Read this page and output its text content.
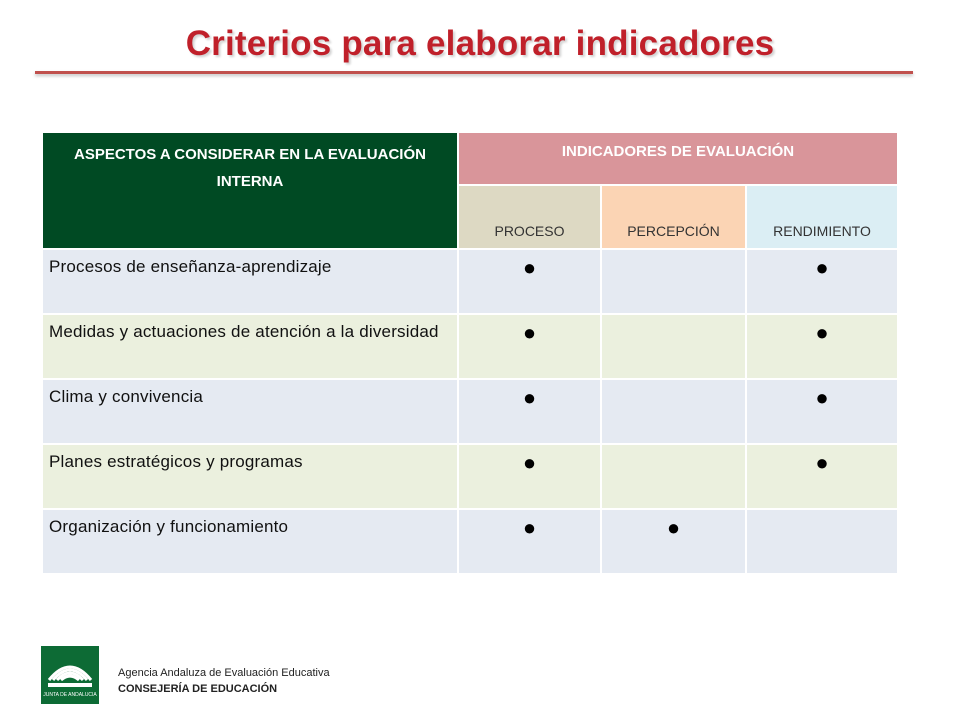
Criterios para elaborar indicadores
ASPECTOS A CONSIDERAR EN LA EVALUACIÓN INTERNA	INDICADORES DE EVALUACIÓN		

	PROCESO	PERCEPCIÓN	RENDIMIENTO

Procesos de enseñanza-aprendizaje	●		●
Medidas y actuaciones de atención a la diversidad	●		●
Clima y convivencia	●		●
Planes estratégicos y programas	●		●
Organización y funcionamiento	●	●	
JUNTA DE ANDALUCIA
Agencia Andaluza de Evaluación Educativa
CONSEJERÍA DE EDUCACIÓN
